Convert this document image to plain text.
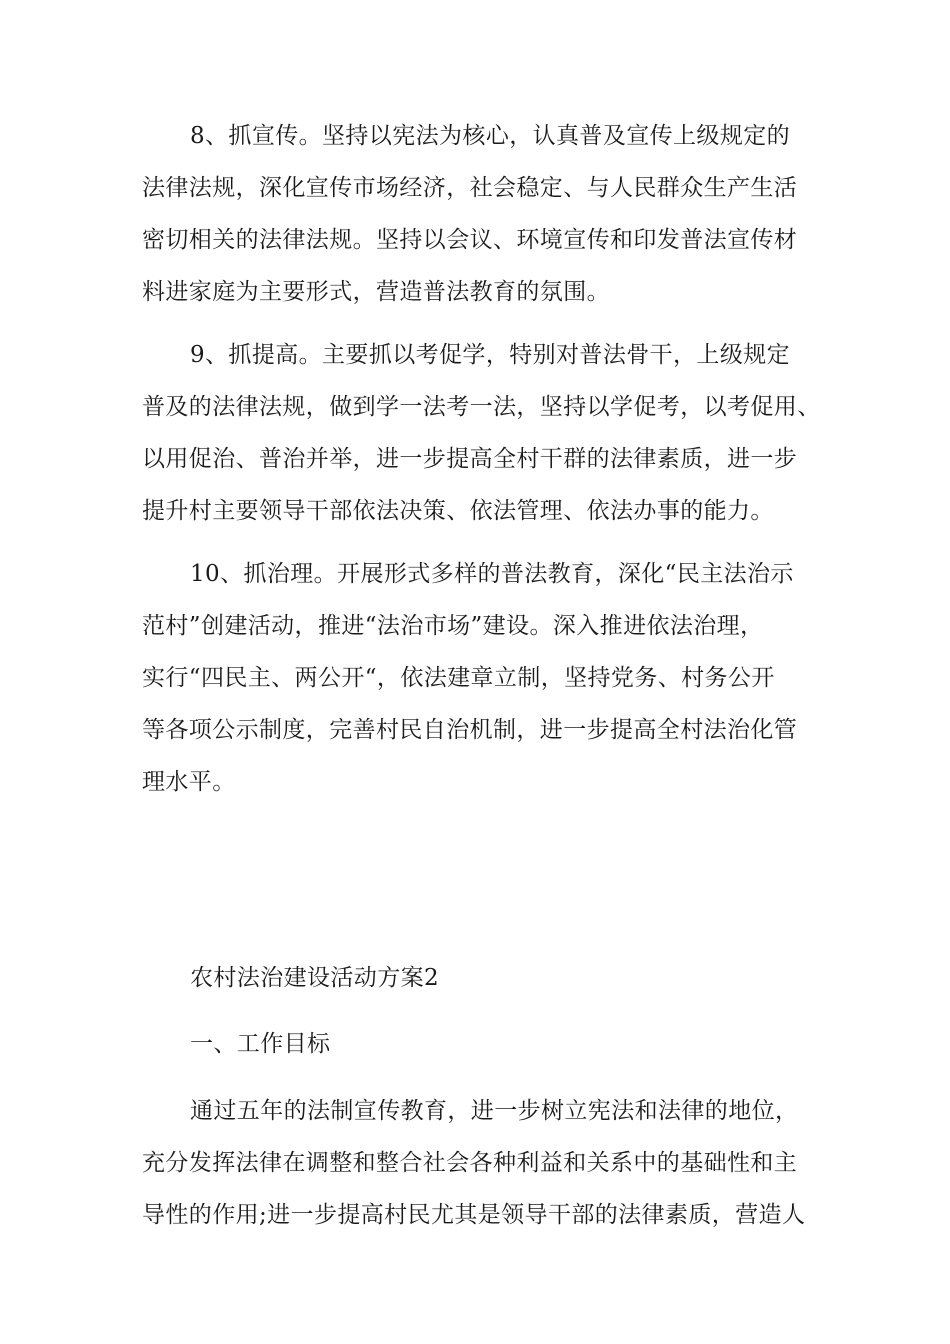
8、抓宣传。坚持以宪法为核心，认真普及宣传上级规定的
法律法规，深化宣传市场经济，社会稳定、与人民群众生产生活
密切相关的法律法规。坚持以会议、环境宣传和印发普法宣传材
料进家庭为主要形式，营造普法教育的氛围。
9、抓提高。主要抓以考促学，特别对普法骨干，上级规定
普及的法律法规，做到学一法考一法，坚持以学促考，以考促用、
以用促治、普治并举，进一步提高全村干群的法律素质，进一步
提升村主要领导干部依法决策、依法管理、依法办事的能力。
10、抓治理。开展形式多样的普法教育，深化“民主法治示
范村”创建活动，推进“法治市场”建设。深入推进依法治理，
实行“四民主、两公开“，依法建章立制，坚持党务、村务公开
等各项公示制度，完善村民自治机制，进一步提高全村法治化管
理水平。
农村法治建设活动方案2
一、工作目标
通过五年的法制宣传教育，进一步树立宪法和法律的地位，
充分发挥法律在调整和整合社会各种利益和关系中的基础性和主
导性的作用;进一步提高村民尤其是领导干部的法律素质，营造人
